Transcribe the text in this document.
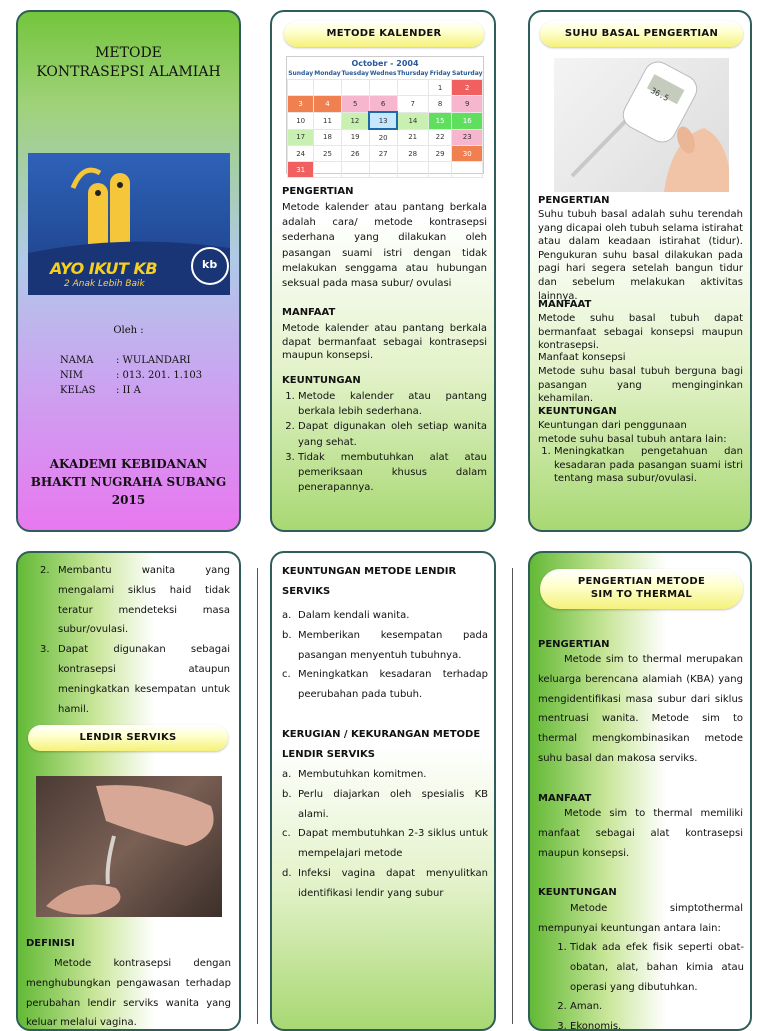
METODE
KONTRASEPSI ALAMIAH
AYO IKUT KB
2 Anak Lebih Baik
kb
Oleh :
NAMA : WULANDARI
NIM	: 013. 201. 1.103
KELAS : II A
AKADEMI KEBIDANAN
BHAKTI NUGRAHA SUBANG
2015
METODE KALENDER
October - 2004
Sunday	Monday	Tuesday	Wednes	Thursday	Friday	Saturday
					1	2
3	4	5	6	7	8	9
10	11	12	13	14	15	16
17	18	19	20	21	22	23
24	25	26	27	28	29	30
31						
PENGERTIAN
Metode kalender atau pantang berkala adalah cara/ metode kontrasepsi sederhana yang dilakukan oleh pasangan suami istri dengan tidak melakukan senggama atau hubungan seksual pada masa subur/ ovulasi
MANFAAT
Metode kalender atau pantang berkala dapat bermanfaat sebagai kontrasepsi maupun konsepsi.
KEUNTUNGAN
1. Metode kalender atau pantang berkala lebih sederhana.
2. Dapat digunakan oleh setiap wanita yang sehat.
3. Tidak membutuhkan alat atau pemeriksaan khusus dalam penerapannya.
SUHU BASAL PENGERTIAN
36.5
PENGERTIAN
Suhu tubuh basal adalah suhu terendah yang dicapai oleh tubuh selama istirahat atau dalam keadaan istirahat (tidur). Pengukuran suhu basal dilakukan pada pagi hari segera setelah bangun tidur dan sebelum melakukan aktivitas lainnya.
MANFAAT
Metode suhu basal tubuh dapat bermanfaat sebagai konsepsi maupun kontrasepsi.
Manfaat konsepsi
Metode suhu basal tubuh berguna bagi pasangan yang menginginkan kehamilan.
KEUNTUNGAN
Keuntungan dari penggunaan metode suhu basal tubuh antara lain:
1. Meningkatkan pengetahuan dan kesadaran pada pasangan suami istri tentang masa subur/ovulasi.
2. Membantu wanita yang mengalami siklus haid tidak teratur mendeteksi masa subur/ovulasi.
3. Dapat digunakan sebagai kontrasepsi ataupun meningkatkan kesempatan untuk hamil.
LENDIR SERVIKS
DEFINISI
Metode kontrasepsi dengan menghubungkan pengawasan terhadap perubahan lendir serviks wanita yang keluar melalui vagina.
KEUNTUNGAN METODE LENDIR SERVIKS
a. Dalam kendali wanita.
b. Memberikan kesempatan pada pasangan menyentuh tubuhnya.
c. Meningkatkan kesadaran terhadap peerubahan pada tubuh.
KERUGIAN / KEKURANGAN METODE LENDIR SERVIKS
a. Membutuhkan komitmen.
b. Perlu diajarkan oleh spesialis KB alami.
c. Dapat membutuhkan 2-3 siklus untuk mempelajari metode
d. Infeksi vagina dapat menyulitkan identifikasi lendir yang subur
PENGERTIAN METODE
SIM TO THERMAL
PENGERTIAN
Metode sim to thermal merupakan keluarga berencana alamiah (KBA) yang mengidentifikasi masa subur dari siklus mentruasi wanita. Metode sim to thermal mengkombinasikan metode suhu basal dan makosa serviks.
MANFAAT
Metode sim to thermal memiliki manfaat sebagai alat kontrasepsi maupun konsepsi.
KEUNTUNGAN
Metode simptothermal mempunyai keuntungan antara lain:
1. Tidak ada efek fisik seperti obat-obatan, alat, bahan kimia atau operasi yang dibutuhkan.
2. Aman.
3. Ekonomis.
